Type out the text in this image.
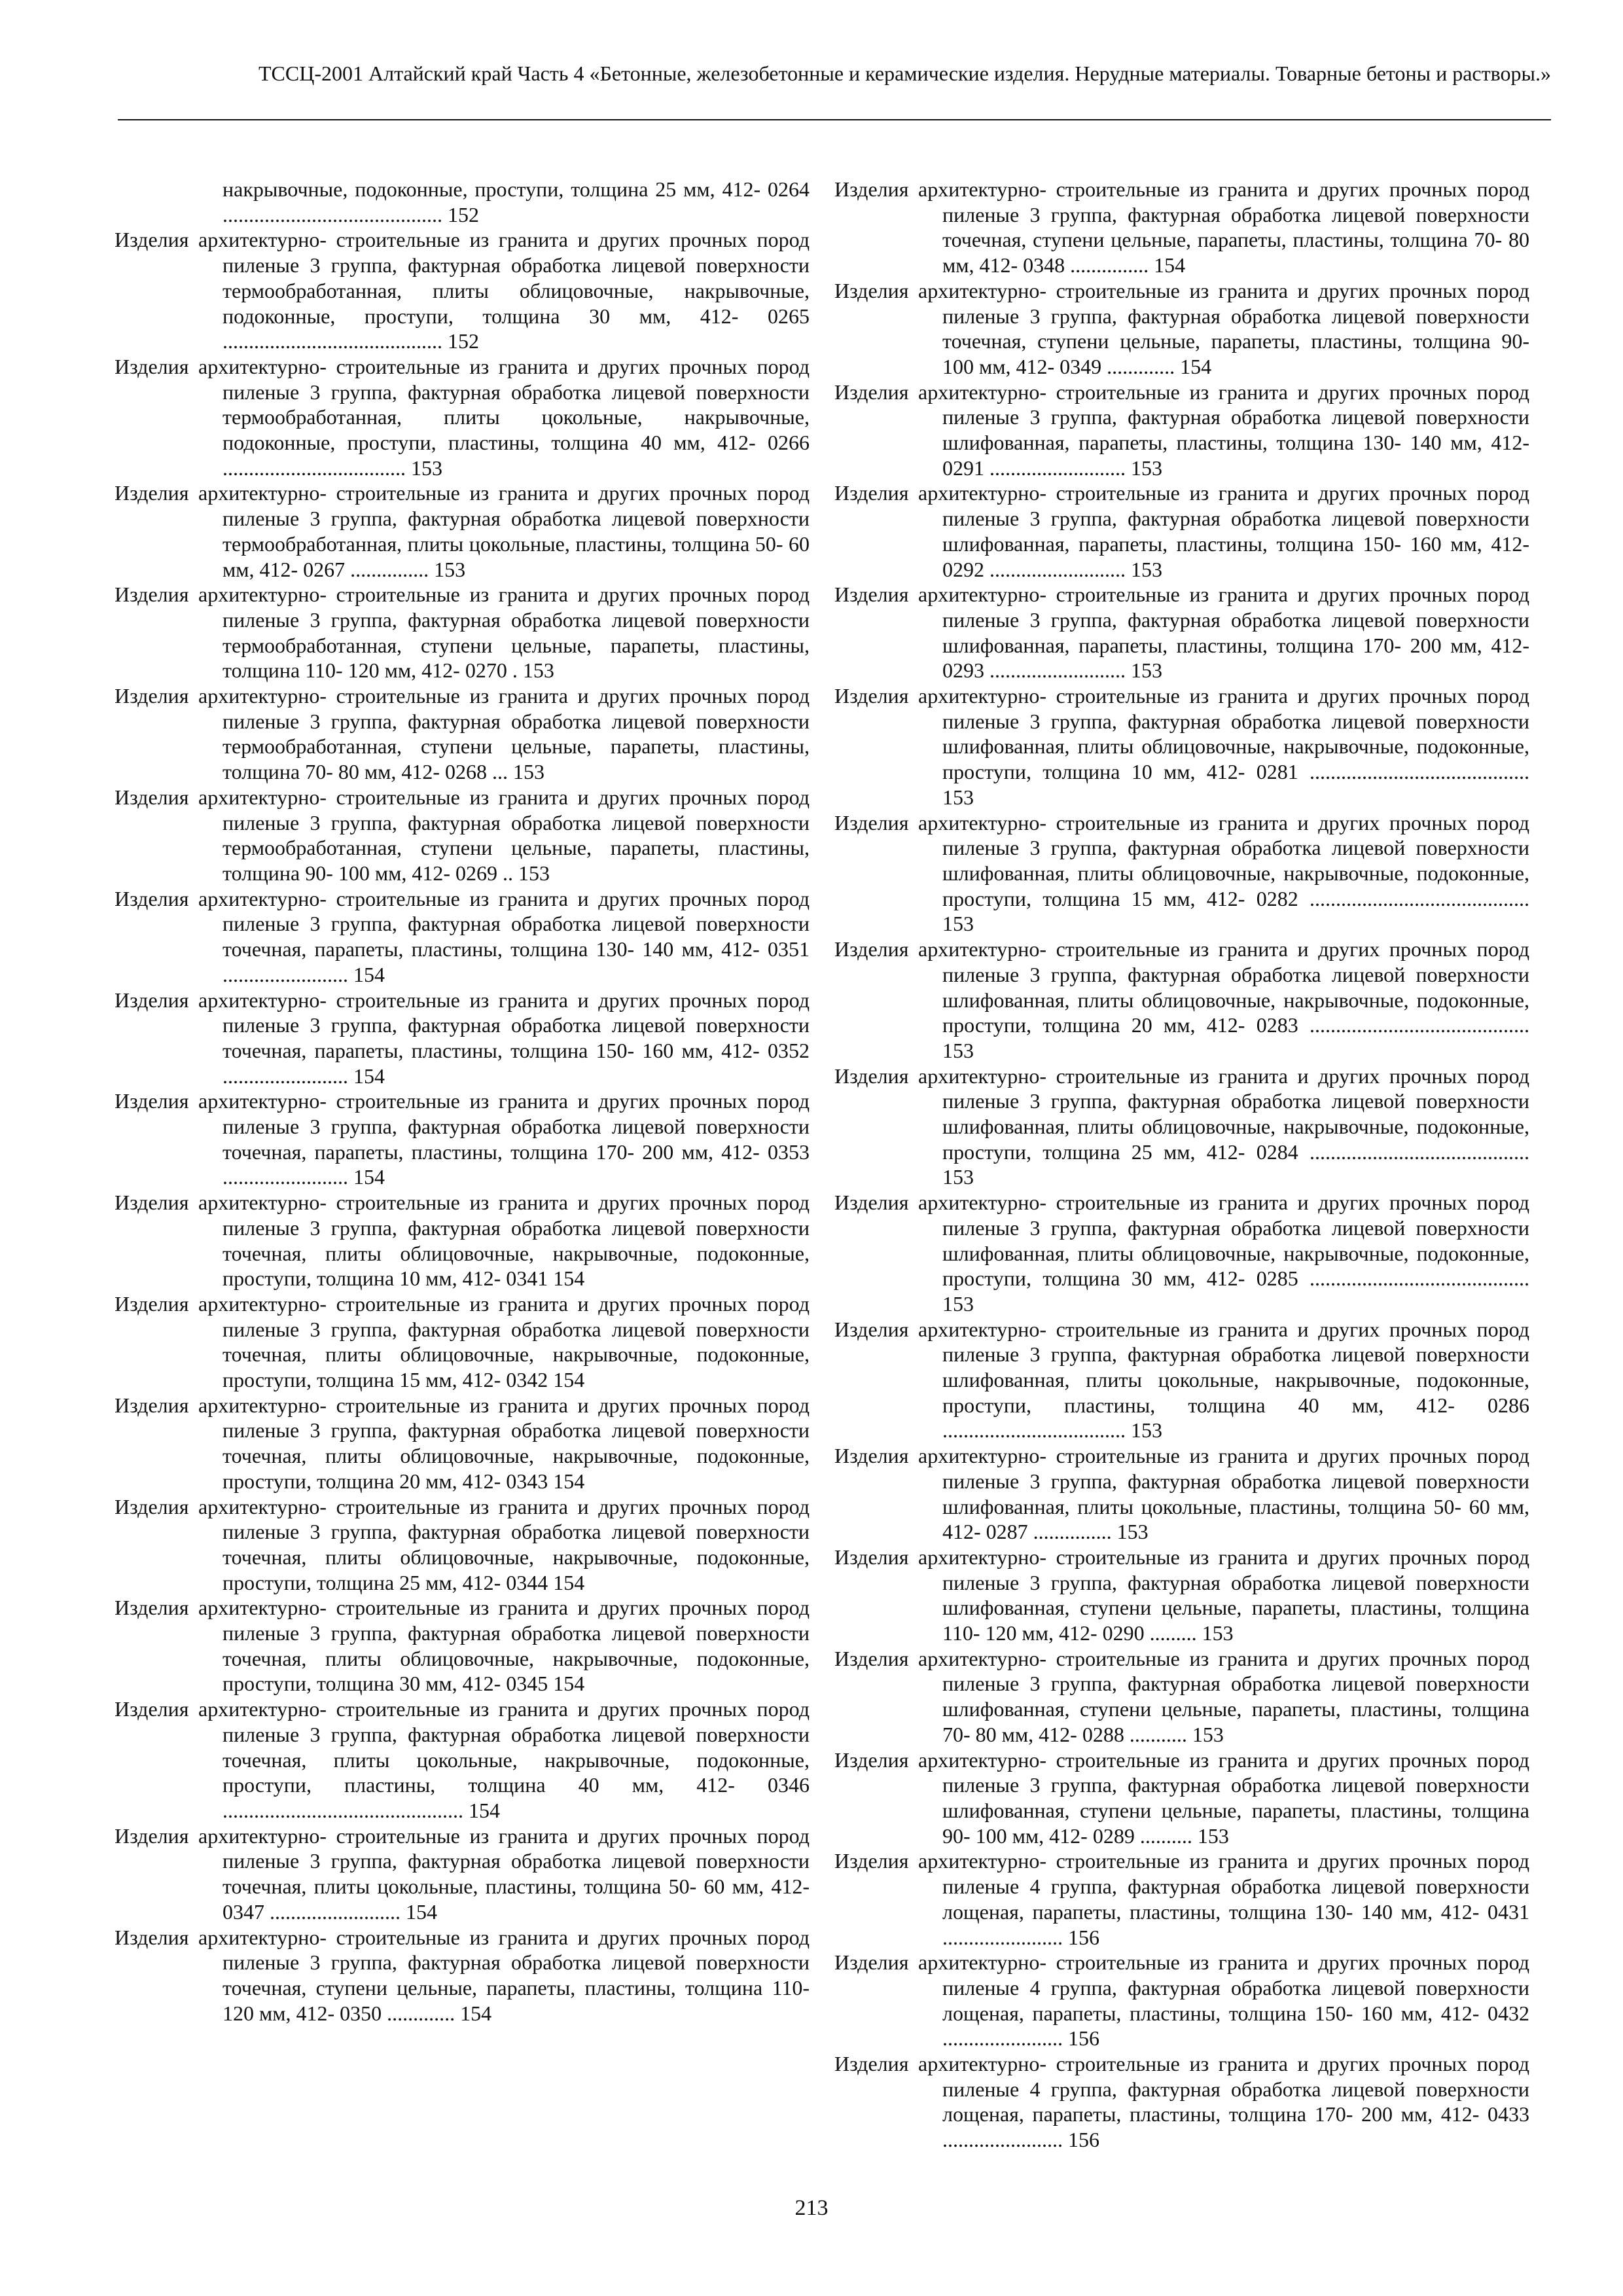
ТССЦ-2001 Алтайский край Часть 4 «Бетонные, железобетонные и керамические изделия. Нерудные материалы. Товарные бетоны и растворы.»

накрывочные, подоконные, проступи, толщина 25 мм, 412- 0264 .......................................... 152

Изделия архитектурно- строительные из гранита и других прочных пород пиленые 3 группа, фактурная обработка лицевой поверхности термообработанная, плиты облицовочные, накрывочные, подоконные, проступи, толщина 30 мм, 412- 0265 .......................................... 152

Изделия архитектурно- строительные из гранита и других прочных пород пиленые 3 группа, фактурная обработка лицевой поверхности термообработанная, плиты цокольные, накрывочные, подоконные, проступи, пластины, толщина 40 мм, 412- 0266 ................................... 153

Изделия архитектурно- строительные из гранита и других прочных пород пиленые 3 группа, фактурная обработка лицевой поверхности термообработанная, плиты цокольные, пластины, толщина 50- 60 мм, 412- 0267 ............... 153

Изделия архитектурно- строительные из гранита и других прочных пород пиленые 3 группа, фактурная обработка лицевой поверхности термообработанная, ступени цельные, парапеты, пластины, толщина 110- 120 мм, 412- 0270 . 153

Изделия архитектурно- строительные из гранита и других прочных пород пиленые 3 группа, фактурная обработка лицевой поверхности термообработанная, ступени цельные, парапеты, пластины, толщина 70- 80 мм, 412- 0268 ... 153

Изделия архитектурно- строительные из гранита и других прочных пород пиленые 3 группа, фактурная обработка лицевой поверхности термообработанная, ступени цельные, парапеты, пластины, толщина 90- 100 мм, 412- 0269 .. 153

Изделия архитектурно- строительные из гранита и других прочных пород пиленые 3 группа, фактурная обработка лицевой поверхности точечная, парапеты, пластины, толщина 130- 140 мм, 412- 0351 ........................ 154

Изделия архитектурно- строительные из гранита и других прочных пород пиленые 3 группа, фактурная обработка лицевой поверхности точечная, парапеты, пластины, толщина 150- 160 мм, 412- 0352 ........................ 154

Изделия архитектурно- строительные из гранита и других прочных пород пиленые 3 группа, фактурная обработка лицевой поверхности точечная, парапеты, пластины, толщина 170- 200 мм, 412- 0353 ........................ 154

Изделия архитектурно- строительные из гранита и других прочных пород пиленые 3 группа, фактурная обработка лицевой поверхности точечная, плиты облицовочные, накрывочные, подоконные, проступи, толщина 10 мм, 412- 0341 154

Изделия архитектурно- строительные из гранита и других прочных пород пиленые 3 группа, фактурная обработка лицевой поверхности точечная, плиты облицовочные, накрывочные, подоконные, проступи, толщина 15 мм, 412- 0342 154

Изделия архитектурно- строительные из гранита и других прочных пород пиленые 3 группа, фактурная обработка лицевой поверхности точечная, плиты облицовочные, накрывочные, подоконные, проступи, толщина 20 мм, 412- 0343 154

Изделия архитектурно- строительные из гранита и других прочных пород пиленые 3 группа, фактурная обработка лицевой поверхности точечная, плиты облицовочные, накрывочные, подоконные, проступи, толщина 25 мм, 412- 0344 154

Изделия архитектурно- строительные из гранита и других прочных пород пиленые 3 группа, фактурная обработка лицевой поверхности точечная, плиты облицовочные, накрывочные, подоконные, проступи, толщина 30 мм, 412- 0345 154

Изделия архитектурно- строительные из гранита и других прочных пород пиленые 3 группа, фактурная обработка лицевой поверхности точечная, плиты цокольные, накрывочные, подоконные, проступи, пластины, толщина 40 мм, 412- 0346 .............................................. 154

Изделия архитектурно- строительные из гранита и других прочных пород пиленые 3 группа, фактурная обработка лицевой поверхности точечная, плиты цокольные, пластины, толщина 50- 60 мм, 412- 0347 ......................... 154

Изделия архитектурно- строительные из гранита и других прочных пород пиленые 3 группа, фактурная обработка лицевой поверхности точечная, ступени цельные, парапеты, пластины, толщина 110- 120 мм, 412- 0350 ............. 154

Изделия архитектурно- строительные из гранита и других прочных пород пиленые 3 группа, фактурная обработка лицевой поверхности точечная, ступени цельные, парапеты, пластины, толщина 70- 80 мм, 412- 0348 ............... 154

Изделия архитектурно- строительные из гранита и других прочных пород пиленые 3 группа, фактурная обработка лицевой поверхности точечная, ступени цельные, парапеты, пластины, толщина 90- 100 мм, 412- 0349 ............. 154

Изделия архитектурно- строительные из гранита и других прочных пород пиленые 3 группа, фактурная обработка лицевой поверхности шлифованная, парапеты, пластины, толщина 130- 140 мм, 412- 0291 .......................... 153

Изделия архитектурно- строительные из гранита и других прочных пород пиленые 3 группа, фактурная обработка лицевой поверхности шлифованная, парапеты, пластины, толщина 150- 160 мм, 412- 0292 .......................... 153

Изделия архитектурно- строительные из гранита и других прочных пород пиленые 3 группа, фактурная обработка лицевой поверхности шлифованная, парапеты, пластины, толщина 170- 200 мм, 412- 0293 .......................... 153

Изделия архитектурно- строительные из гранита и других прочных пород пиленые 3 группа, фактурная обработка лицевой поверхности шлифованная, плиты облицовочные, накрывочные, подоконные, проступи, толщина 10 мм, 412- 0281 .......................................... 153

Изделия архитектурно- строительные из гранита и других прочных пород пиленые 3 группа, фактурная обработка лицевой поверхности шлифованная, плиты облицовочные, накрывочные, подоконные, проступи, толщина 15 мм, 412- 0282 .......................................... 153

Изделия архитектурно- строительные из гранита и других прочных пород пиленые 3 группа, фактурная обработка лицевой поверхности шлифованная, плиты облицовочные, накрывочные, подоконные, проступи, толщина 20 мм, 412- 0283 .......................................... 153

Изделия архитектурно- строительные из гранита и других прочных пород пиленые 3 группа, фактурная обработка лицевой поверхности шлифованная, плиты облицовочные, накрывочные, подоконные, проступи, толщина 25 мм, 412- 0284 .......................................... 153

Изделия архитектурно- строительные из гранита и других прочных пород пиленые 3 группа, фактурная обработка лицевой поверхности шлифованная, плиты облицовочные, накрывочные, подоконные, проступи, толщина 30 мм, 412- 0285 .......................................... 153

Изделия архитектурно- строительные из гранита и других прочных пород пиленые 3 группа, фактурная обработка лицевой поверхности шлифованная, плиты цокольные, накрывочные, подоконные, проступи, пластины, толщина 40 мм, 412- 0286 ................................... 153

Изделия архитектурно- строительные из гранита и других прочных пород пиленые 3 группа, фактурная обработка лицевой поверхности шлифованная, плиты цокольные, пластины, толщина 50- 60 мм, 412- 0287 ............... 153

Изделия архитектурно- строительные из гранита и других прочных пород пиленые 3 группа, фактурная обработка лицевой поверхности шлифованная, ступени цельные, парапеты, пластины, толщина 110- 120 мм, 412- 0290 ......... 153

Изделия архитектурно- строительные из гранита и других прочных пород пиленые 3 группа, фактурная обработка лицевой поверхности шлифованная, ступени цельные, парапеты, пластины, толщина 70- 80 мм, 412- 0288 ........... 153

Изделия архитектурно- строительные из гранита и других прочных пород пиленые 3 группа, фактурная обработка лицевой поверхности шлифованная, ступени цельные, парапеты, пластины, толщина 90- 100 мм, 412- 0289 .......... 153

Изделия архитектурно- строительные из гранита и других прочных пород пиленые 4 группа, фактурная обработка лицевой поверхности лощеная, парапеты, пластины, толщина 130- 140 мм, 412- 0431 ....................... 156

Изделия архитектурно- строительные из гранита и других прочных пород пиленые 4 группа, фактурная обработка лицевой поверхности лощеная, парапеты, пластины, толщина 150- 160 мм, 412- 0432 ....................... 156

Изделия архитектурно- строительные из гранита и других прочных пород пиленые 4 группа, фактурная обработка лицевой поверхности лощеная, парапеты, пластины, толщина 170- 200 мм, 412- 0433 ....................... 156

213
